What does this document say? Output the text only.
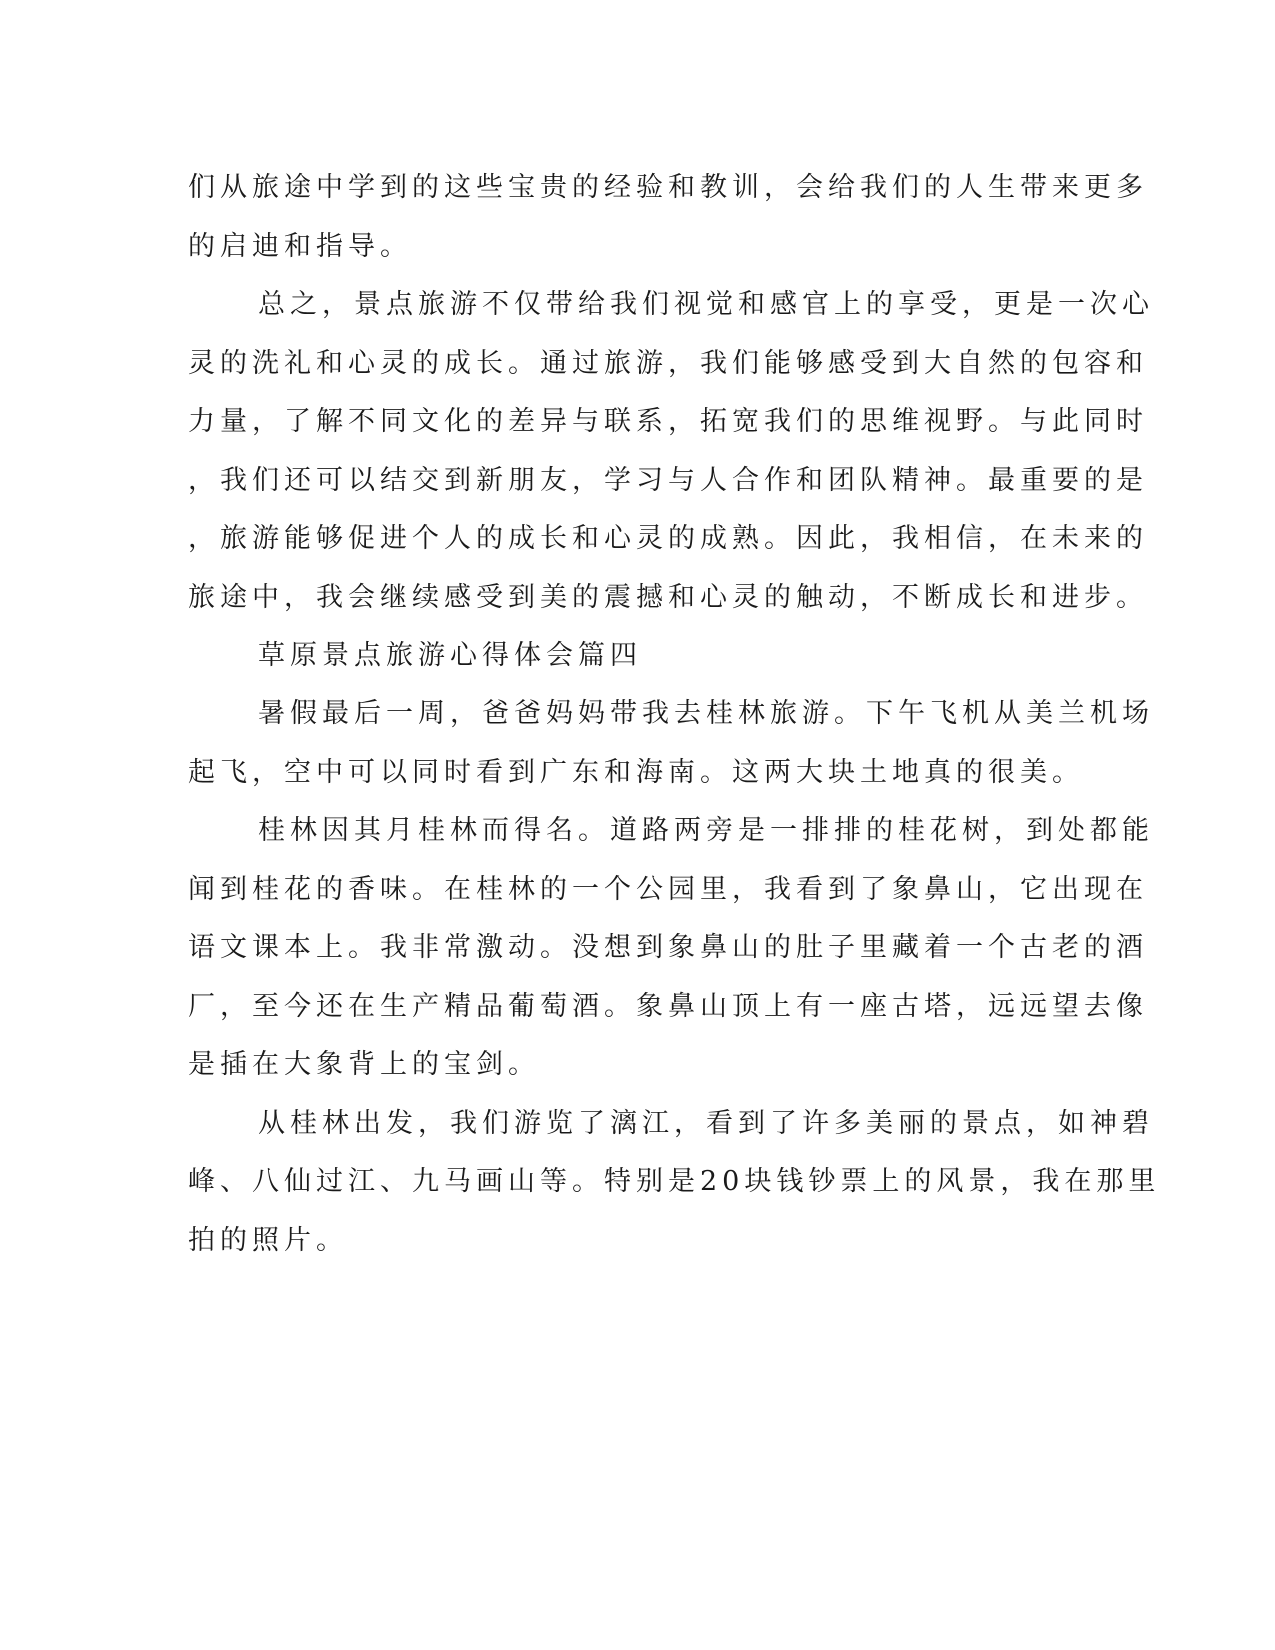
们从旅途中学到的这些宝贵的经验和教训，会给我们的人生带来更多
的启迪和指导。
总之，景点旅游不仅带给我们视觉和感官上的享受，更是一次心
灵的洗礼和心灵的成长。通过旅游，我们能够感受到大自然的包容和
力量，了解不同文化的差异与联系，拓宽我们的思维视野。与此同时
，我们还可以结交到新朋友，学习与人合作和团队精神。最重要的是
，旅游能够促进个人的成长和心灵的成熟。因此，我相信，在未来的
旅途中，我会继续感受到美的震撼和心灵的触动，不断成长和进步。
草原景点旅游心得体会篇四
暑假最后一周，爸爸妈妈带我去桂林旅游。下午飞机从美兰机场
起飞，空中可以同时看到广东和海南。这两大块土地真的很美。
桂林因其月桂林而得名。道路两旁是一排排的桂花树，到处都能
闻到桂花的香味。在桂林的一个公园里，我看到了象鼻山，它出现在
语文课本上。我非常激动。没想到象鼻山的肚子里藏着一个古老的酒
厂，至今还在生产精品葡萄酒。象鼻山顶上有一座古塔，远远望去像
是插在大象背上的宝剑。
从桂林出发，我们游览了漓江，看到了许多美丽的景点，如神碧
峰、八仙过江、九马画山等。特别是20块钱钞票上的风景，我在那里
拍的照片。
